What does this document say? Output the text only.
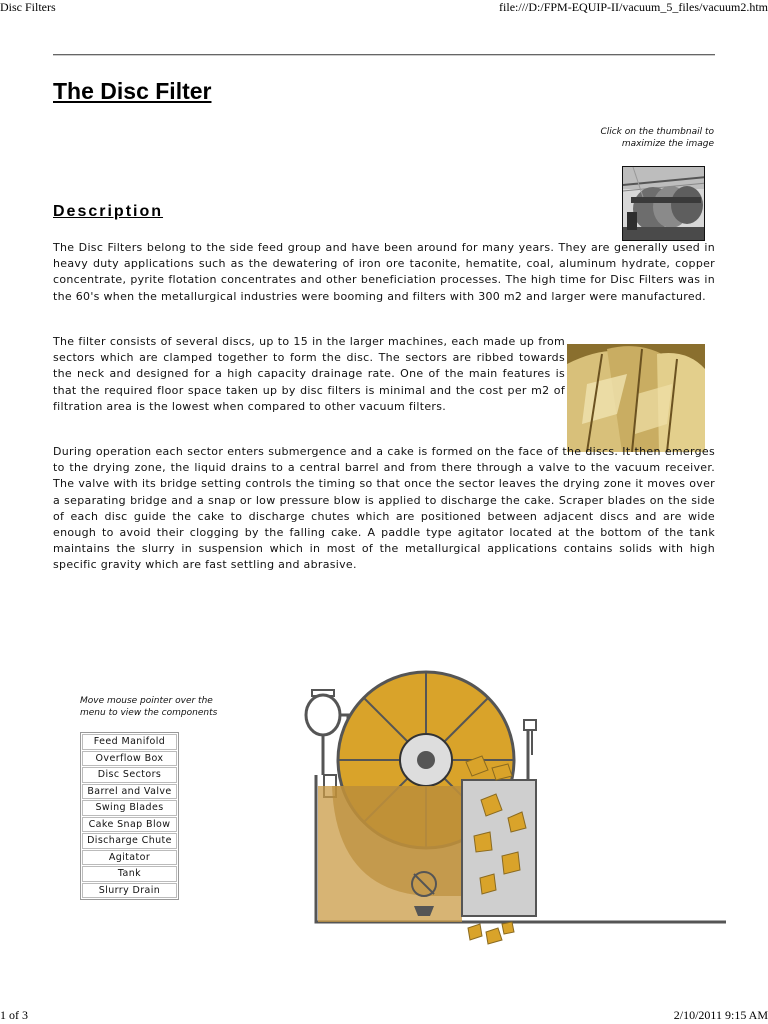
Disc Filters	file:///D:/FPM-EQUIP-II/vacuum_5_files/vacuum2.htm
The Disc Filter
Click on the thumbnail to maximize the image
Description

The Disc Filters belong to the side feed group and have been around for many years. They are generally used in heavy duty applications such as the dewatering of iron ore taconite, hematite, coal, aluminum hydrate, copper concentrate, pyrite flotation concentrates and other beneficiation processes. The high time for Disc Filters was in the 60's when the metallurgical industries were booming and filters with 300 m2 and larger were manufactured.

The filter consists of several discs, up to 15 in the larger machines, each made up from sectors which are clamped together to form the disc. The sectors are ribbed towards the neck and designed for a high capacity drainage rate. One of the main features is that the required floor space taken up by disc filters is minimal and the cost per m2 of filtration area is the lowest when compared to other vacuum filters.

During operation each sector enters submergence and a cake is formed on the face of the discs. It then emerges to the drying zone, the liquid drains to a central barrel and from there through a valve to the vacuum receiver. The valve with its bridge setting controls the timing so that once the sector leaves the drying zone it moves over a separating bridge and a snap or low pressure blow is applied to discharge the cake. Scraper blades on the side of each disc guide the cake to discharge chutes which are positioned between adjacent discs and are wide enough to avoid their clogging by the falling cake. A paddle type agitator located at the bottom of the tank maintains the slurry in suspension which in most of the metallurgical applications contains solids with high specific gravity which are fast settling and abrasive.

Move mouse pointer over the menu to view the components
Feed Manifold
Overflow Box
Disc Sectors
Barrel and Valve
Swing Blades
Cake Snap Blow
Discharge Chute
Agitator
Tank
Slurry Drain
1 of 3	2/10/2011 9:15 AM
